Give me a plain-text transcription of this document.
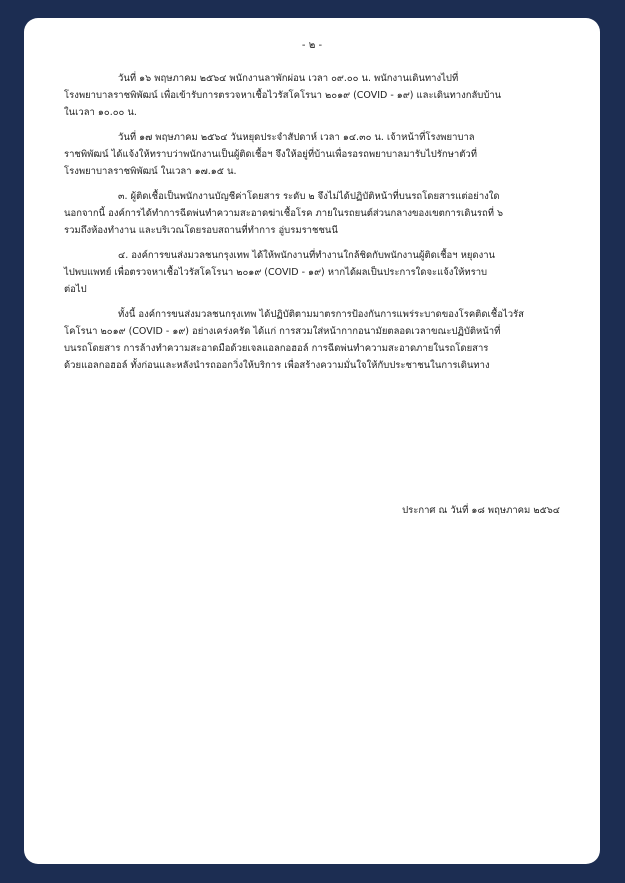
- ๒ -
วันที่ ๑๖ พฤษภาคม ๒๕๖๔ พนักงานลาพักผ่อน เวลา ๐๙.๐๐ น. พนักงานเดินทางไปที่
โรงพยาบาลราชพิพัฒน์ เพื่อเข้ารับการตรวจหาเชื้อไวรัสโคโรนา ๒๐๑๙ (COVID - ๑๙) และเดินทางกลับบ้าน
ในเวลา ๑๐.๐๐ น.
วันที่ ๑๗ พฤษภาคม ๒๕๖๔ วันหยุดประจำสัปดาห์ เวลา ๑๔.๓๐ น. เจ้าหน้าที่โรงพยาบาล
ราชพิพัฒน์ ได้แจ้งให้ทราบว่าพนักงานเป็นผู้ติดเชื้อฯ จึงให้อยู่ที่บ้านเพื่อรอรถพยาบาลมารับไปรักษาตัวที่
โรงพยาบาลราชพิพัฒน์ ในเวลา ๑๗.๑๕ น.
๓. ผู้ติดเชื้อเป็นพนักงานบัญชีค่าโดยสาร ระดับ ๒ จึงไม่ได้ปฏิบัติหน้าที่บนรถโดยสารแต่อย่างใด
นอกจากนี้ องค์การได้ทำการฉีดพ่นทำความสะอาดฆ่าเชื้อโรค ภายในรถยนต์ส่วนกลางของเขตการเดินรถที่ ๖
รวมถึงห้องทำงาน และบริเวณโดยรอบสถานที่ทำการ อู่บรมราชชนนี
๔. องค์การขนส่งมวลชนกรุงเทพ ได้ให้พนักงานที่ทำงานใกล้ชิดกับพนักงานผู้ติดเชื้อฯ หยุดงาน
ไปพบแพทย์ เพื่อตรวจหาเชื้อไวรัสโคโรนา ๒๐๑๙ (COVID - ๑๙) หากได้ผลเป็นประการใดจะแจ้งให้ทราบ
ต่อไป
ทั้งนี้ องค์การขนส่งมวลชนกรุงเทพ ได้ปฏิบัติตามมาตรการป้องกันการแพร่ระบาดของโรคติดเชื้อไวรัส
โคโรนา ๒๐๑๙ (COVID - ๑๙) อย่างเคร่งครัด ได้แก่ การสวมใส่หน้ากากอนามัยตลอดเวลาขณะปฏิบัติหน้าที่
บนรถโดยสาร การล้างทำความสะอาดมือด้วยเจลแอลกอฮอล์ การฉีดพ่นทำความสะอาดภายในรถโดยสาร
ด้วยแอลกอฮอล์ ทั้งก่อนและหลังนำรถออกวิ่งให้บริการ เพื่อสร้างความมั่นใจให้กับประชาชนในการเดินทาง
ประกาศ ณ วันที่ ๑๘ พฤษภาคม ๒๕๖๔
